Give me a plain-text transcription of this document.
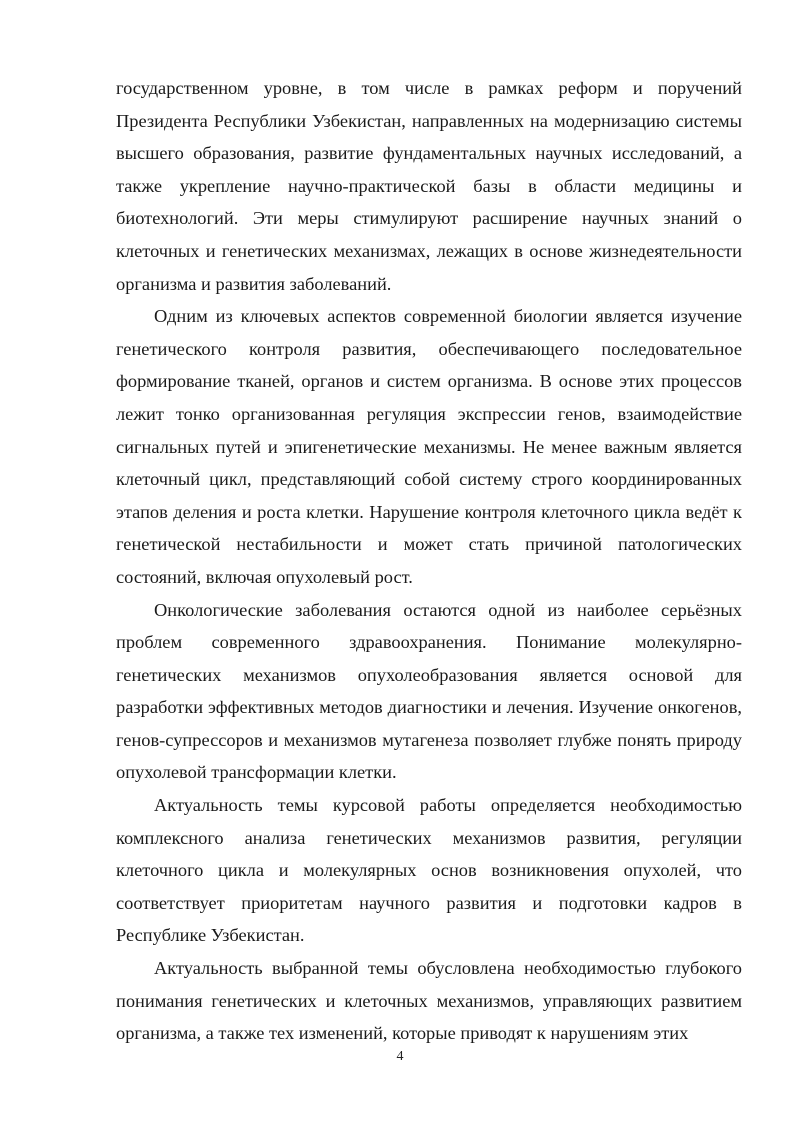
государственном уровне, в том числе в рамках реформ и поручений Президента Республики Узбекистан, направленных на модернизацию системы высшего образования, развитие фундаментальных научных исследований, а также укрепление научно-практической базы в области медицины и биотехнологий. Эти меры стимулируют расширение научных знаний о клеточных и генетических механизмах, лежащих в основе жизнедеятельности организма и развития заболеваний.

Одним из ключевых аспектов современной биологии является изучение генетического контроля развития, обеспечивающего последовательное формирование тканей, органов и систем организма. В основе этих процессов лежит тонко организованная регуляция экспрессии генов, взаимодействие сигнальных путей и эпигенетические механизмы. Не менее важным является клеточный цикл, представляющий собой систему строго координированных этапов деления и роста клетки. Нарушение контроля клеточного цикла ведёт к генетической нестабильности и может стать причиной патологических состояний, включая опухолевый рост.

Онкологические заболевания остаются одной из наиболее серьёзных проблем современного здравоохранения. Понимание молекулярно-генетических механизмов опухолеобразования является основой для разработки эффективных методов диагностики и лечения. Изучение онкогенов, генов-супрессоров и механизмов мутагенеза позволяет глубже понять природу опухолевой трансформации клетки.

Актуальность темы курсовой работы определяется необходимостью комплексного анализа генетических механизмов развития, регуляции клеточного цикла и молекулярных основ возникновения опухолей, что соответствует приоритетам научного развития и подготовки кадров в Республике Узбекистан.

Актуальность выбранной темы обусловлена необходимостью глубокого понимания генетических и клеточных механизмов, управляющих развитием организма, а также тех изменений, которые приводят к нарушениям этих

4
